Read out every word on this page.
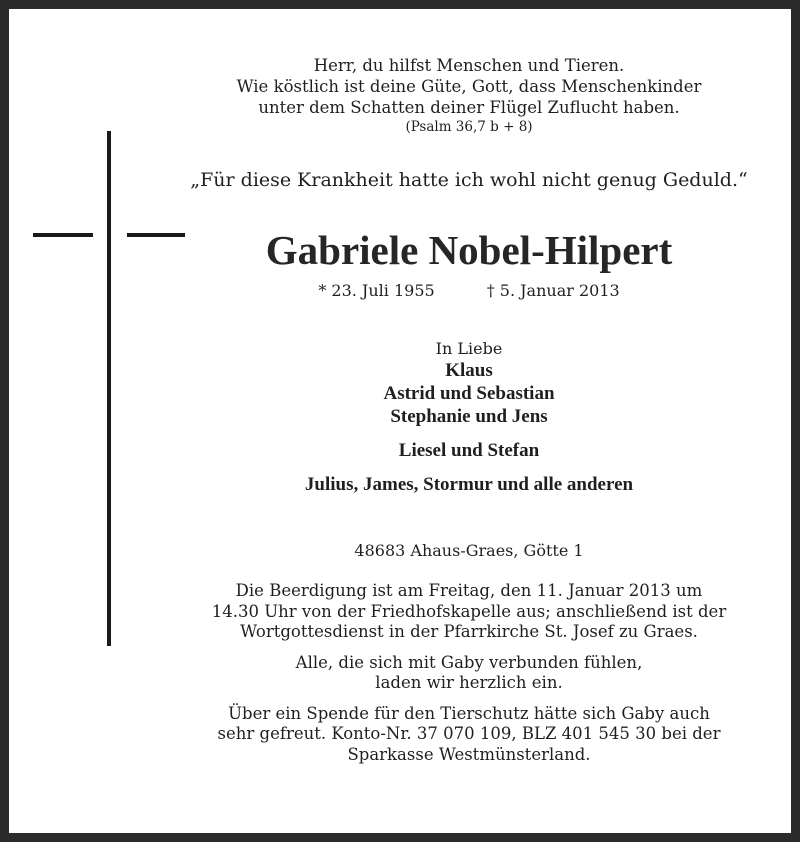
Herr, du hilfst Menschen und Tieren.
Wie köstlich ist deine Güte, Gott, dass Menschenkinder
unter dem Schatten deiner Flügel Zuflucht haben.
(Psalm 36,7 b + 8)
„Für diese Krankheit hatte ich wohl nicht genug Geduld.“
Gabriele Nobel-Hilpert
* 23. Juli 1955	† 5. Januar 2013
In Liebe
Klaus
Astrid und Sebastian
Stephanie und Jens
Liesel und Stefan
Julius, James, Stormur und alle anderen
48683 Ahaus-Graes, Götte 1
Die Beerdigung ist am Freitag, den 11. Januar 2013 um
14.30 Uhr von der Friedhofskapelle aus; anschließend ist der
Wortgottesdienst in der Pfarrkirche St. Josef zu Graes.
Alle, die sich mit Gaby verbunden fühlen,
laden wir herzlich ein.
Über ein Spende für den Tierschutz hätte sich Gaby auch
sehr gefreut. Konto-Nr. 37 070 109, BLZ 401 545 30 bei der
Sparkasse Westmünsterland.
